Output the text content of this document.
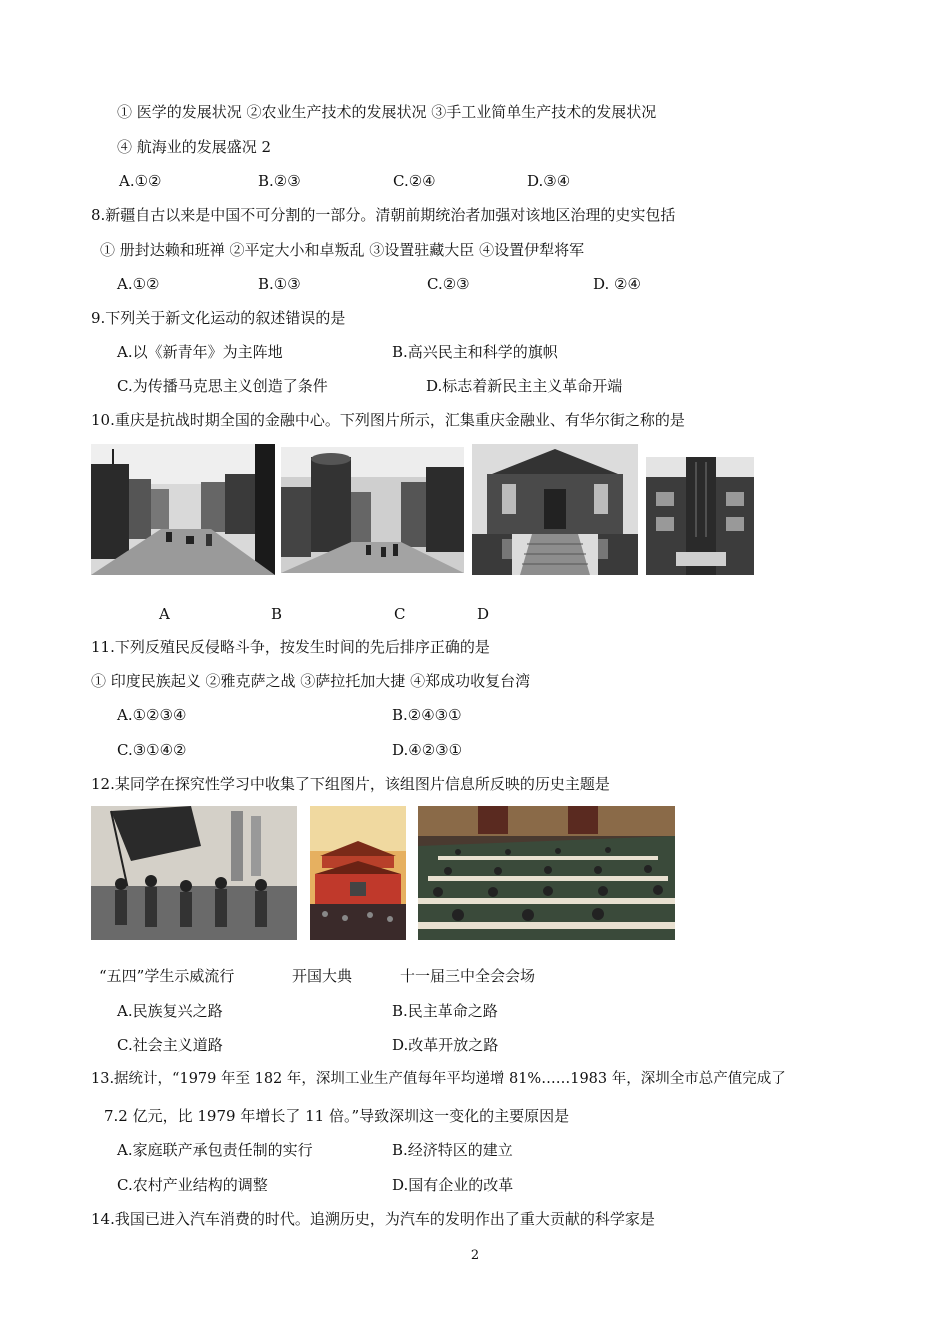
① 医学的发展状况 ②农业生产技术的发展状况 ③手工业简单生产技术的发展状况
④ 航海业的发展盛况 2
A.①②	B.②③	C.②④	D.③④
8.新疆自古以来是中国不可分割的一部分。清朝前期统治者加强对该地区治理的史实包括
① 册封达赖和班禅 ②平定大小和卓叛乱 ③设置驻藏大臣 ④设置伊犁将军
A.①②	B.①③	C.②③	D. ②④
9.下列关于新文化运动的叙述错误的是
A.以《新青年》为主阵地	B.高兴民主和科学的旗帜
C.为传播马克思主义创造了条件	D.标志着新民主主义革命开端
10.重庆是抗战时期全国的金融中心。下列图片所示，汇集重庆金融业、有华尔街之称的是
A	B	C	D
11.下列反殖民反侵略斗争，按发生时间的先后排序正确的是
① 印度民族起义 ②雅克萨之战 ③萨拉托加大捷 ④郑成功收复台湾
A.①②③④	B.②④③①
C.③①④②	D.④②③①
12.某同学在探究性学习中收集了下组图片，该组图片信息所反映的历史主题是
“五四”学生示威流行	开国大典	十一届三中全会会场
A.民族复兴之路	B.民主革命之路
C.社会主义道路	D.改革开放之路
13.据统计，“1979 年至 182 年，深圳工业生产值每年平均递增 81%……1983 年，深圳全市总产值完成了
7.2 亿元，比 1979 年增长了 11 倍。”导致深圳这一变化的主要原因是
A.家庭联产承包责任制的实行	B.经济特区的建立
C.农村产业结构的调整	D.国有企业的改革
14.我国已进入汽车消费的时代。追溯历史，为汽车的发明作出了重大贡献的科学家是
2
